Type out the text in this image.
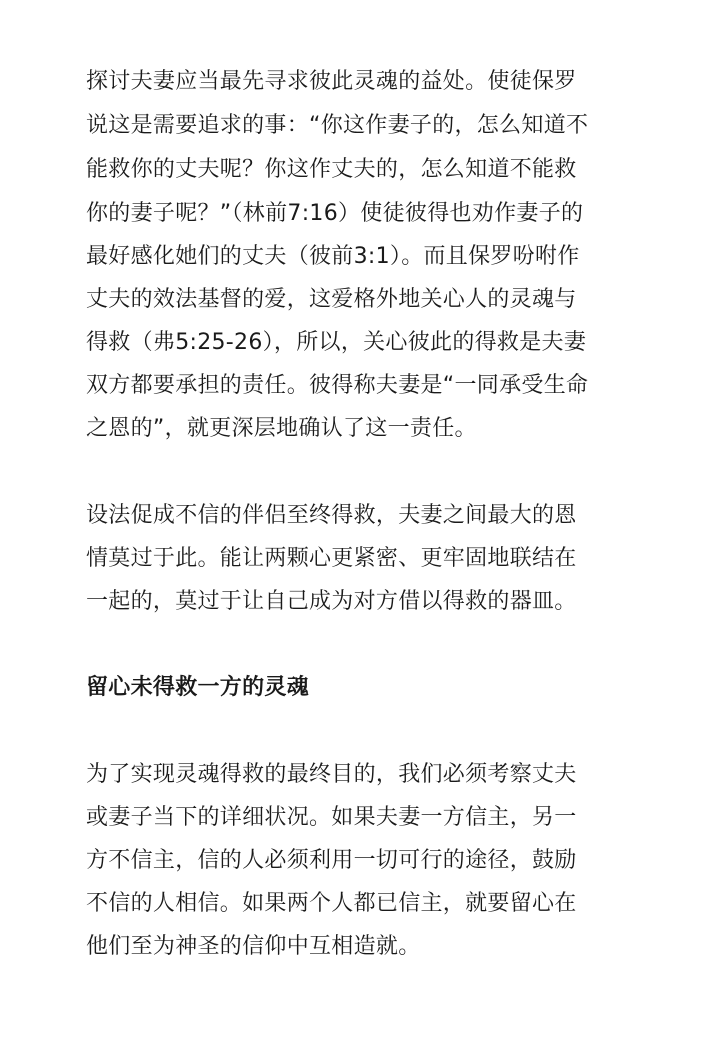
探讨夫妻应当最先寻求彼此灵魂的益处。使徒保罗
说这是需要追求的事：“你这作妻子的，怎么知道不
能救你的丈夫呢？你这作丈夫的，怎么知道不能救
你的妻子呢？”（林前7:16）使徒彼得也劝作妻子的
最好感化她们的丈夫（彼前3:1）。而且保罗吩咐作
丈夫的效法基督的爱，这爱格外地关心人的灵魂与
得救（弗5:25-26），所以，关心彼此的得救是夫妻
双方都要承担的责任。彼得称夫妻是“一同承受生命
之恩的”，就更深层地确认了这一责任。
设法促成不信的伴侣至终得救，夫妻之间最大的恩
情莫过于此。能让两颗心更紧密、更牢固地联结在
一起的，莫过于让自己成为对方借以得救的器皿。
留心未得救一方的灵魂
为了实现灵魂得救的最终目的，我们必须考察丈夫
或妻子当下的详细状况。如果夫妻一方信主，另一
方不信主，信的人必须利用一切可行的途径，鼓励
不信的人相信。如果两个人都已信主，就要留心在
他们至为神圣的信仰中互相造就。
